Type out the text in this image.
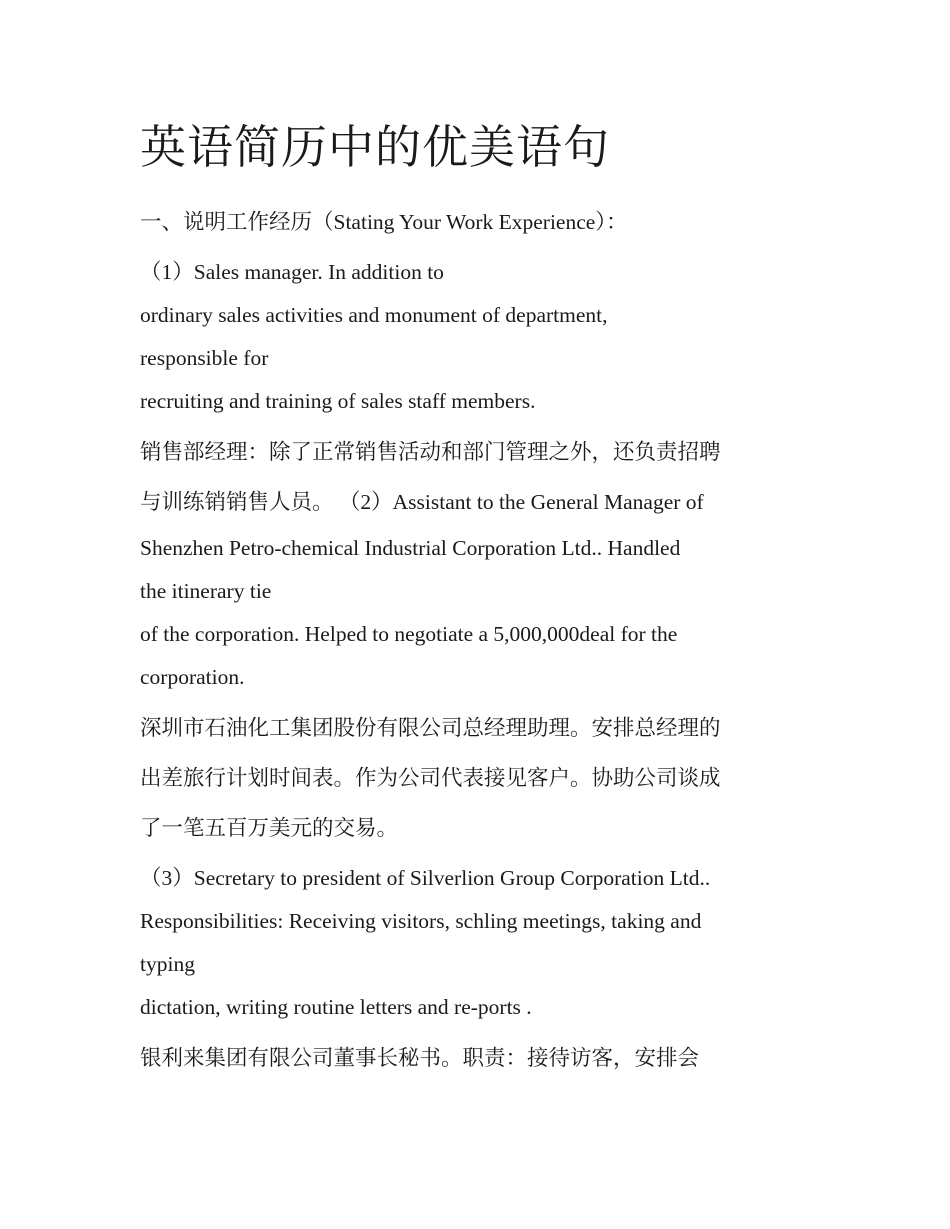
英语简历中的优美语句

一、说明工作经历（Stating Your Work Experience）：

（1）Sales manager. In addition to
ordinary sales activities and monument of department,
responsible for
recruiting and training of sales staff members.

销售部经理：除了正常销售活动和部门管理之外，还负责招聘
与训练销销售人员。 （2）Assistant to the General Manager of

Shenzhen Petro-chemical Industrial Corporation Ltd.. Handled
the itinerary tie
of the corporation. Helped to negotiate a 5,000,000deal for the
corporation.

深圳市石油化工集团股份有限公司总经理助理。安排总经理的
出差旅行计划时间表。作为公司代表接见客户。协助公司谈成
了一笔五百万美元的交易。

（3）Secretary to president of Silverlion Group Corporation Ltd..
Responsibilities: Receiving visitors, schling meetings, taking and
typing
dictation, writing routine letters and re-ports .

银利来集团有限公司董事长秘书。职责：接待访客，安排会
